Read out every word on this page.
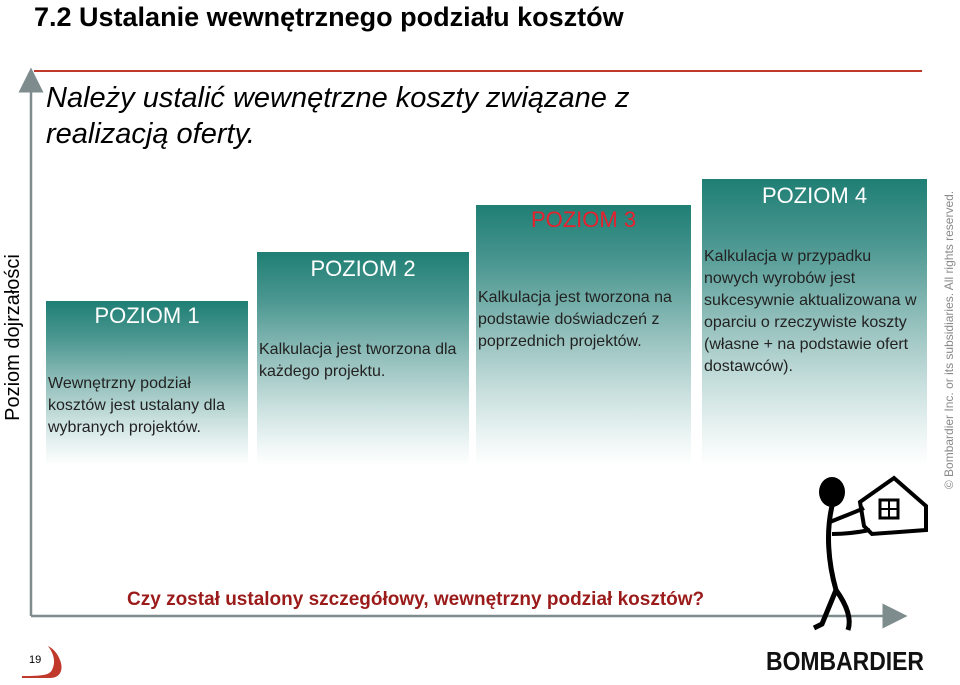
7.2 Ustalanie wewnętrznego podziału kosztów
Należy ustalić wewnętrzne koszty związane z realizacją oferty.
Poziom dojrzałości	POZIOM 1
Wewnętrzny podział kosztów jest ustalany dla wybranych projektów.
POZIOM 2
Kalkulacja jest tworzona dla każdego projektu.
POZIOM 3
Kalkulacja jest tworzona na podstawie doświadczeń z poprzednich projektów.
POZIOM 4
Kalkulacja w przypadku nowych wyrobów jest sukcesywnie aktualizowana w oparciu o rzeczywiste koszty (własne + na podstawie ofert dostawców).
Czy został ustalony szczegółowy, wewnętrzny podział kosztów?
© Bombardier Inc. or its subsidiaries. All rights reserved.
19	BOMBARDIER
